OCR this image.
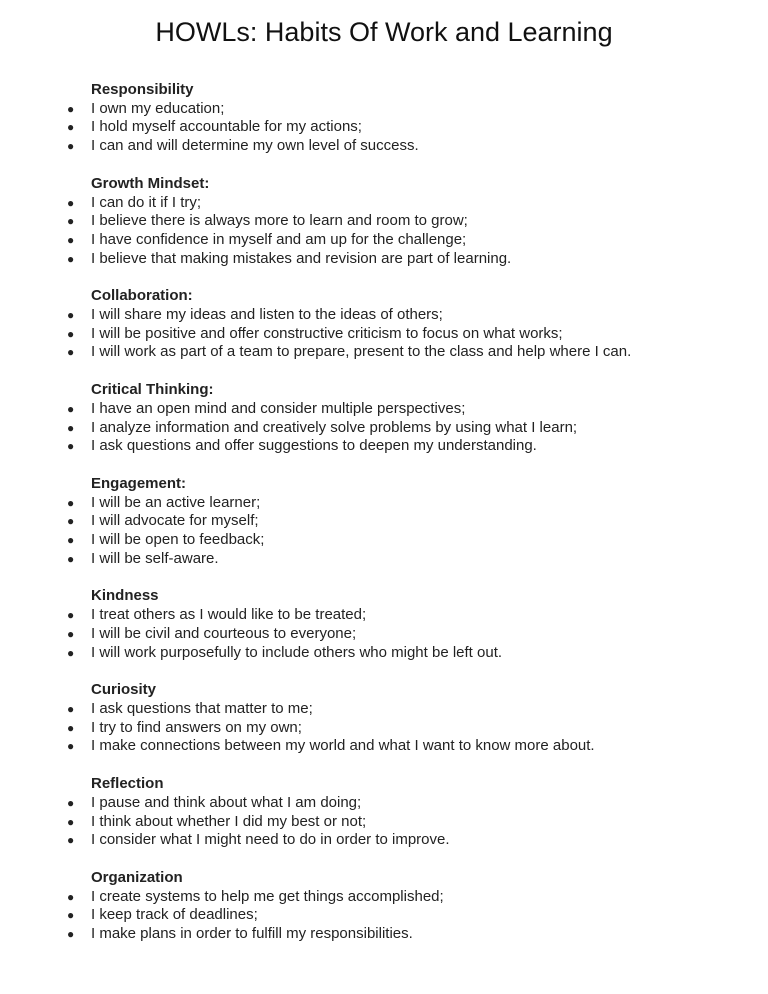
HOWLs: Habits Of Work and Learning
Responsibility
● I own my education;
● I hold myself accountable for my actions;
● I can and will determine my own level of success.
Growth Mindset:
● I can do it if I try;
● I believe there is always more to learn and room to grow;
● I have confidence in myself and am up for the challenge;
● I believe that making mistakes and revision are part of learning.
Collaboration:
● I will share my ideas and listen to the ideas of others;
● I will be positive and offer constructive criticism to focus on what works;
● I will work as part of a team to prepare, present to the class and help where I can.
Critical Thinking:
● I have an open mind and consider multiple perspectives;
● I analyze information and creatively solve problems by using what I learn;
● I ask questions and offer suggestions to deepen my understanding.
Engagement:
● I will be an active learner;
● I will advocate for myself;
● I will be open to feedback;
● I will be self-aware.
Kindness
● I treat others as I would like to be treated;
● I will be civil and courteous to everyone;
● I will work purposefully to include others who might be left out.
Curiosity
● I ask questions that matter to me;
● I try to find answers on my own;
● I make connections between my world and what I want to know more about.
Reflection
● I pause and think about what I am doing;
● I think about whether I did my best or not;
● I consider what I might need to do in order to improve.
Organization
● I create systems to help me get things accomplished;
● I keep track of deadlines;
● I make plans in order to fulfill my responsibilities.
